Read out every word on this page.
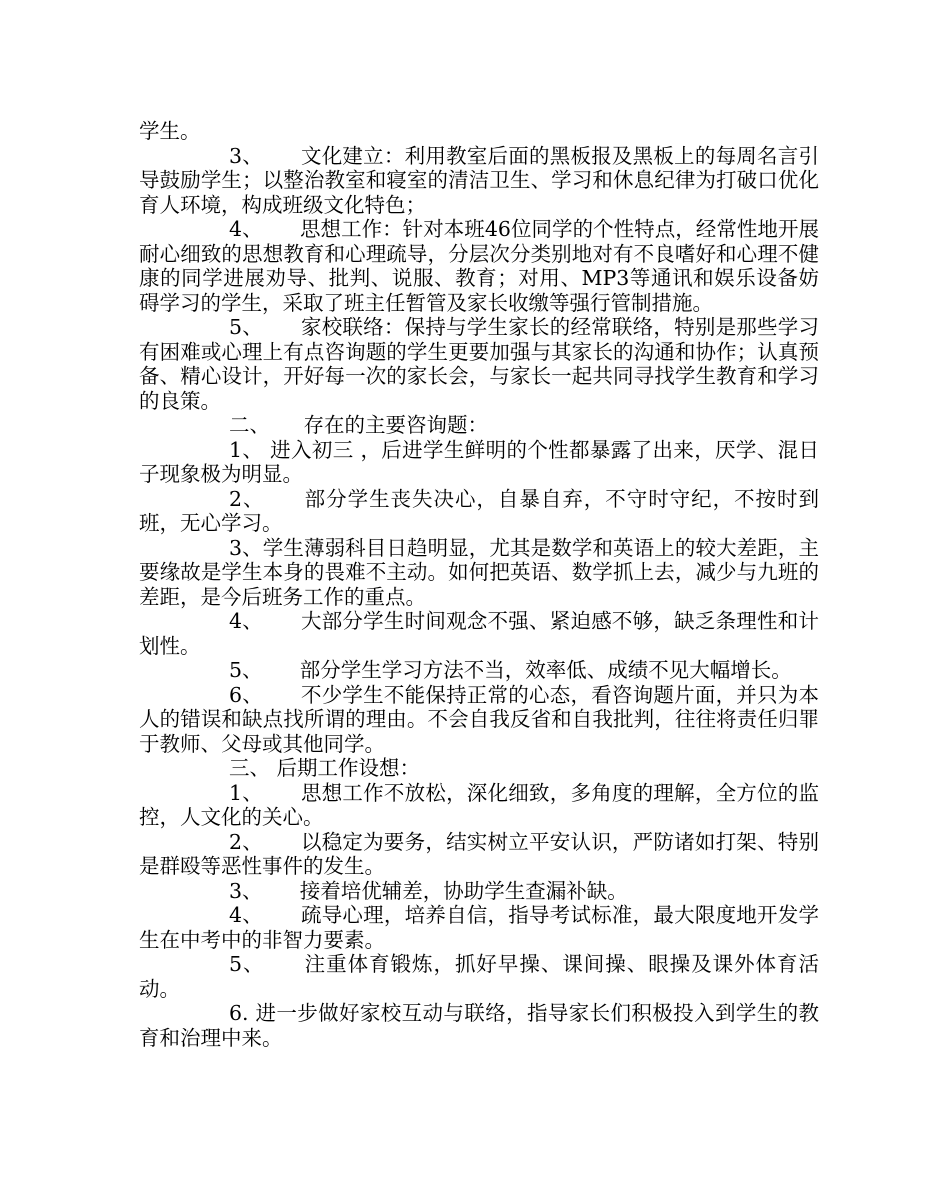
学生。

3、　 　文化建立：利用教室后面的黑板报及黑板上的每周名言引导鼓励学生；以整治教室和寝室的清洁卫生、学习和休息纪律为打破口优化育人环境，构成班级文化特色；

4、　 　思想工作：针对本班46位同学的个性特点，经常性地开展耐心细致的思想教育和心理疏导，分层次分类别地对有不良嗜好和心理不健康的同学进展劝导、批判、说服、教育；对用、MP3等通讯和娱乐设备妨碍学习的学生，采取了班主任暂管及家长收缴等强行管制措施。

5、　 　家校联络：保持与学生家长的经常联络，特别是那些学习有困难或心理上有点咨询题的学生更要加强与其家长的沟通和协作；认真预备、精心设计，开好每一次的家长会，与家长一起共同寻找学生教育和学习的良策。

二、 　 存在的主要咨询题：

1、 进入初三 ，后进学生鲜明的个性都暴露了出来，厌学、混日子现象极为明显。

2、　 　部分学生丧失决心，自暴自弃，不守时守纪，不按时到班，无心学习。

3、学生薄弱科目日趋明显，尤其是数学和英语上的较大差距，主要缘故是学生本身的畏难不主动。如何把英语、数学抓上去，减少与九班的差距，是今后班务工作的重点。

4、　 　大部分学生时间观念不强、紧迫感不够，缺乏条理性和计划性。

5、　 　部分学生学习方法不当，效率低、成绩不见大幅增长。

6、　 　不少学生不能保持正常的心态，看咨询题片面，并只为本人的错误和缺点找所谓的理由。不会自我反省和自我批判，往往将责任归罪于教师、父母或其他同学。

三、 后期工作设想：

1、　 　思想工作不放松，深化细致，多角度的理解，全方位的监控，人文化的关心。

2、　 　以稳定为要务，结实树立平安认识，严防诸如打架、特别是群殴等恶性事件的发生。

3、　 　接着培优辅差，协助学生查漏补缺。

4、　 　疏导心理，培养自信，指导考试标准，最大限度地开发学生在中考中的非智力要素。

5、　 　注重体育锻炼，抓好早操、课间操、眼操及课外体育活动。

6. 进一步做好家校互动与联络，指导家长们积极投入到学生的教育和治理中来。
